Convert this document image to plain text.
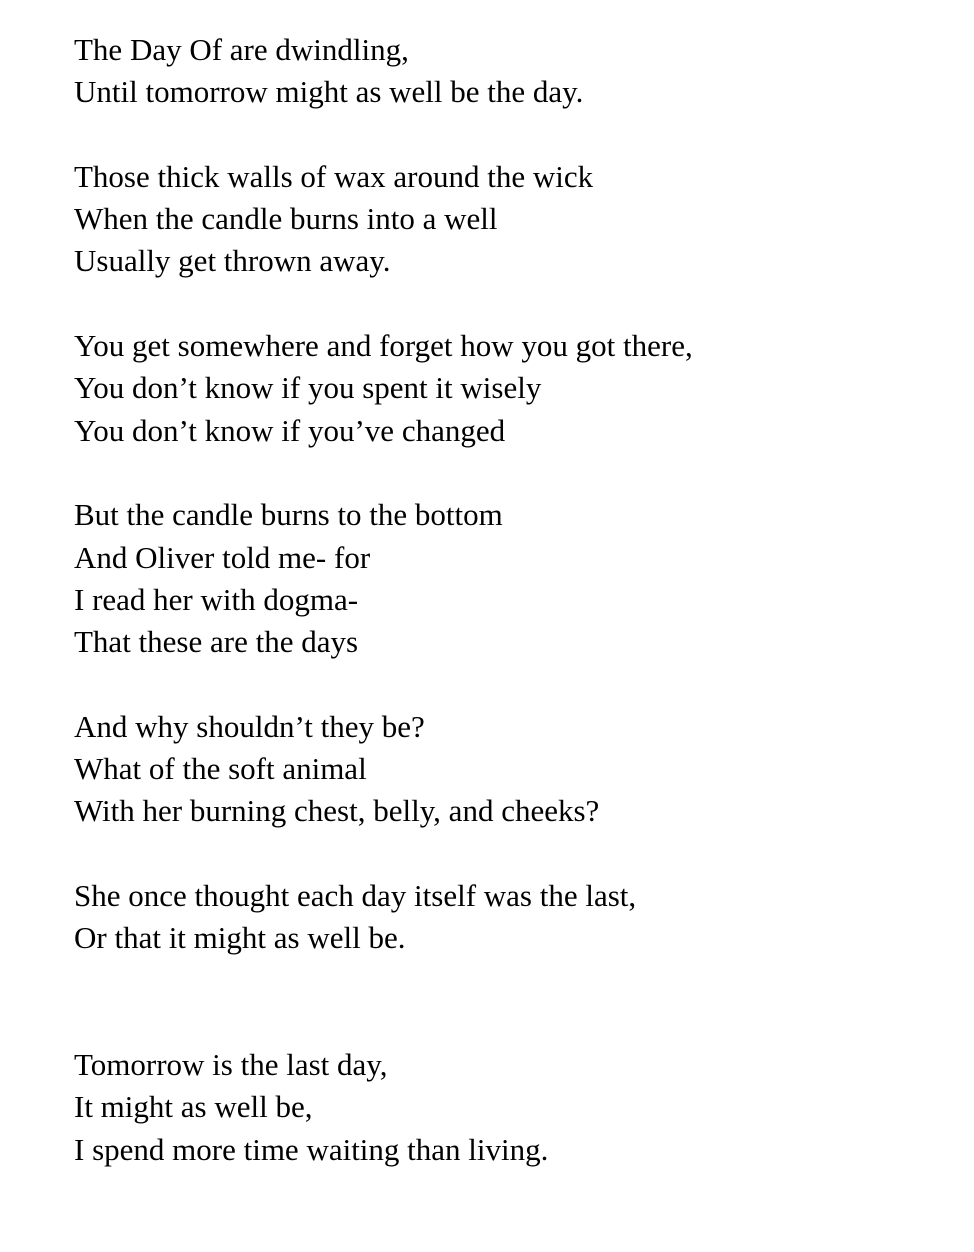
The Day Of are dwindling,
Until tomorrow might as well be the day.
Those thick walls of wax around the wick
When the candle burns into a well
Usually get thrown away.
You get somewhere and forget how you got there,
You don’t know if you spent it wisely
You don’t know if you’ve changed
But the candle burns to the bottom
And Oliver told me- for
I read her with dogma-
That these are the days
And why shouldn’t they be?
What of the soft animal
With her burning chest, belly, and cheeks?
She once thought each day itself was the last,
Or that it might as well be.
Tomorrow is the last day,
It might as well be,
I spend more time waiting than living.
